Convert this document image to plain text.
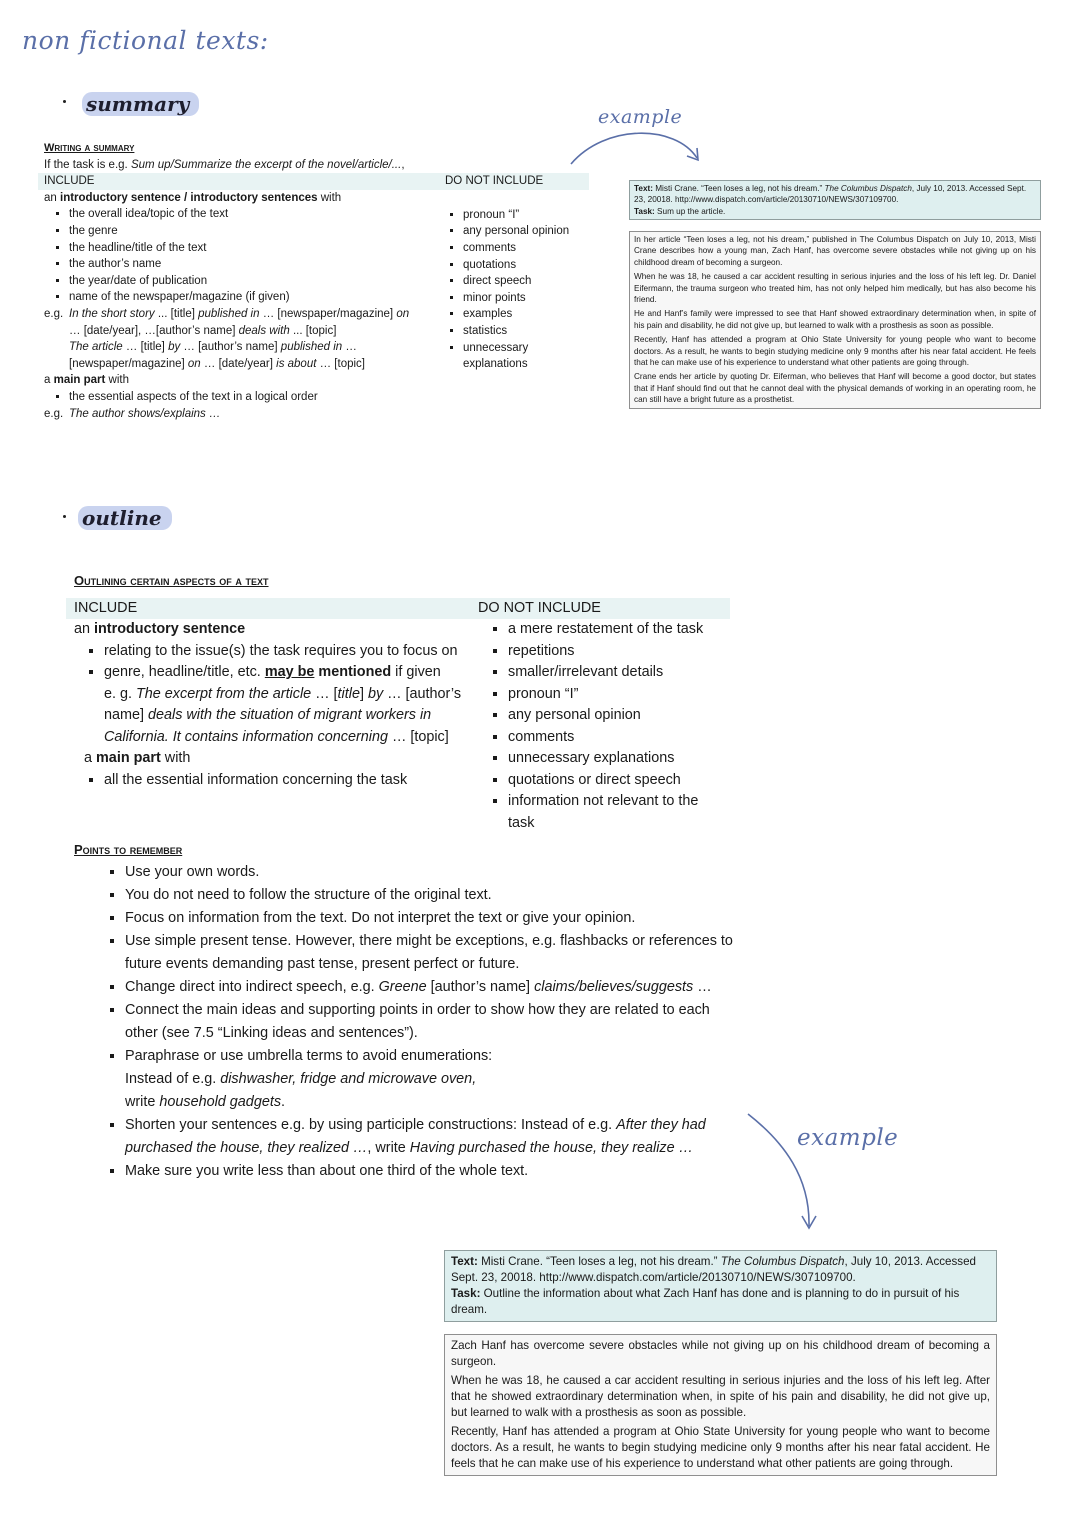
non fictional texts:
summary
example
Writing a summary
If the task is e.g. Sum up/Summarize the excerpt of the novel/article/...,
INCLUDE	DO NOT INCLUDE
an introductory sentence / introductory sentences with
▪ the overall idea/topic of the text
▪ the genre
▪ the headline/title of the text
▪ the author’s name
▪ the year/date of publication
▪ name of the newspaper/magazine (if given)
e.g. In the short story ... [title] published in … [newspaper/magazine] on
… [date/year], …[author’s name] deals with ... [topic]
The article … [title] by … [author’s name] published in …
[newspaper/magazine] on … [date/year] is about … [topic]
a main part with
▪ the essential aspects of the text in a logical order
e.g. The author shows/explains …
▪ pronoun “I”
▪ any personal opinion
▪ comments
▪ quotations
▪ direct speech
▪ minor points
▪ examples
▪ statistics
▪ unnecessary explanations
Text: Misti Crane. “Teen loses a leg, not his dream.” The Columbus Dispatch, July 10, 2013. Accessed Sept. 23, 20018. http://www.dispatch.com/article/20130710/NEWS/307109700.
Task: Sum up the article.

In her article “Teen loses a leg, not his dream,” published in The Columbus Dispatch on July 10, 2013, Misti Crane describes how a young man, Zach Hanf, has overcome severe obstacles while not giving up on his childhood dream of becoming a surgeon.

When he was 18, he caused a car accident resulting in serious injuries and the loss of his left leg. Dr. Daniel Eifermann, the trauma surgeon who treated him, has not only helped him medically, but has also become his friend.

He and Hanf’s family were impressed to see that Hanf showed extraordinary determination when, in spite of his pain and disability, he did not give up, but learned to walk with a prosthesis as soon as possible.

Recently, Hanf has attended a program at Ohio State University for young people who want to become doctors. As a result, he wants to begin studying medicine only 9 months after his near fatal accident. He feels that he can make use of his experience to understand what other patients are going through.

Crane ends her article by quoting Dr. Eiferman, who believes that Hanf will become a good doctor, but states that if Hanf should find out that he cannot deal with the physical demands of working in an operating room, he can still have a bright future as a prosthetist.

outline
Outlining certain aspects of a text
INCLUDE	DO NOT INCLUDE
an introductory sentence
▪ relating to the issue(s) the task requires you to focus on
▪ genre, headline/title, etc. may be mentioned if given
e. g. The excerpt from the article … [title] by … [author’s
name] deals with the situation of migrant workers in
California. It contains information concerning … [topic]
a main part with
▪ all the essential information concerning the task
▪ a mere restatement of the task
▪ repetitions
▪ smaller/irrelevant details
▪ pronoun “I”
▪ any personal opinion
▪ comments
▪ unnecessary explanations
▪ quotations or direct speech
▪ information not relevant to the task
Points to remember
▪ Use your own words.
▪ You do not need to follow the structure of the original text.
▪ Focus on information from the text. Do not interpret the text or give your opinion.
▪ Use simple present tense. However, there might be exceptions, e.g. flashbacks or references to future events demanding past tense, present perfect or future.
▪ Change direct into indirect speech, e.g. Greene [author’s name] claims/believes/suggests …
▪ Connect the main ideas and supporting points in order to show how they are related to each other (see 7.5 “Linking ideas and sentences”).
▪ Paraphrase or use umbrella terms to avoid enumerations:
Instead of e.g. dishwasher, fridge and microwave oven,
write household gadgets.
▪ Shorten your sentences e.g. by using participle constructions: Instead of e.g. After they had purchased the house, they realized …, write Having purchased the house, they realize …
▪ Make sure you write less than about one third of the whole text.
example
Text: Misti Crane. “Teen loses a leg, not his dream.” The Columbus Dispatch, July 10, 2013. Accessed Sept. 23, 20018. http://www.dispatch.com/article/20130710/NEWS/307109700.
Task: Outline the information about what Zach Hanf has done and is planning to do in pursuit of his dream.

Zach Hanf has overcome severe obstacles while not giving up on his childhood dream of becoming a surgeon.

When he was 18, he caused a car accident resulting in serious injuries and the loss of his left leg. After that he showed extraordinary determination when, in spite of his pain and disability, he did not give up, but learned to walk with a prosthesis as soon as possible.

Recently, Hanf has attended a program at Ohio State University for young people who want to become doctors. As a result, he wants to begin studying medicine only 9 months after his near fatal accident. He feels that he can make use of his experience to understand what other patients are going through.
